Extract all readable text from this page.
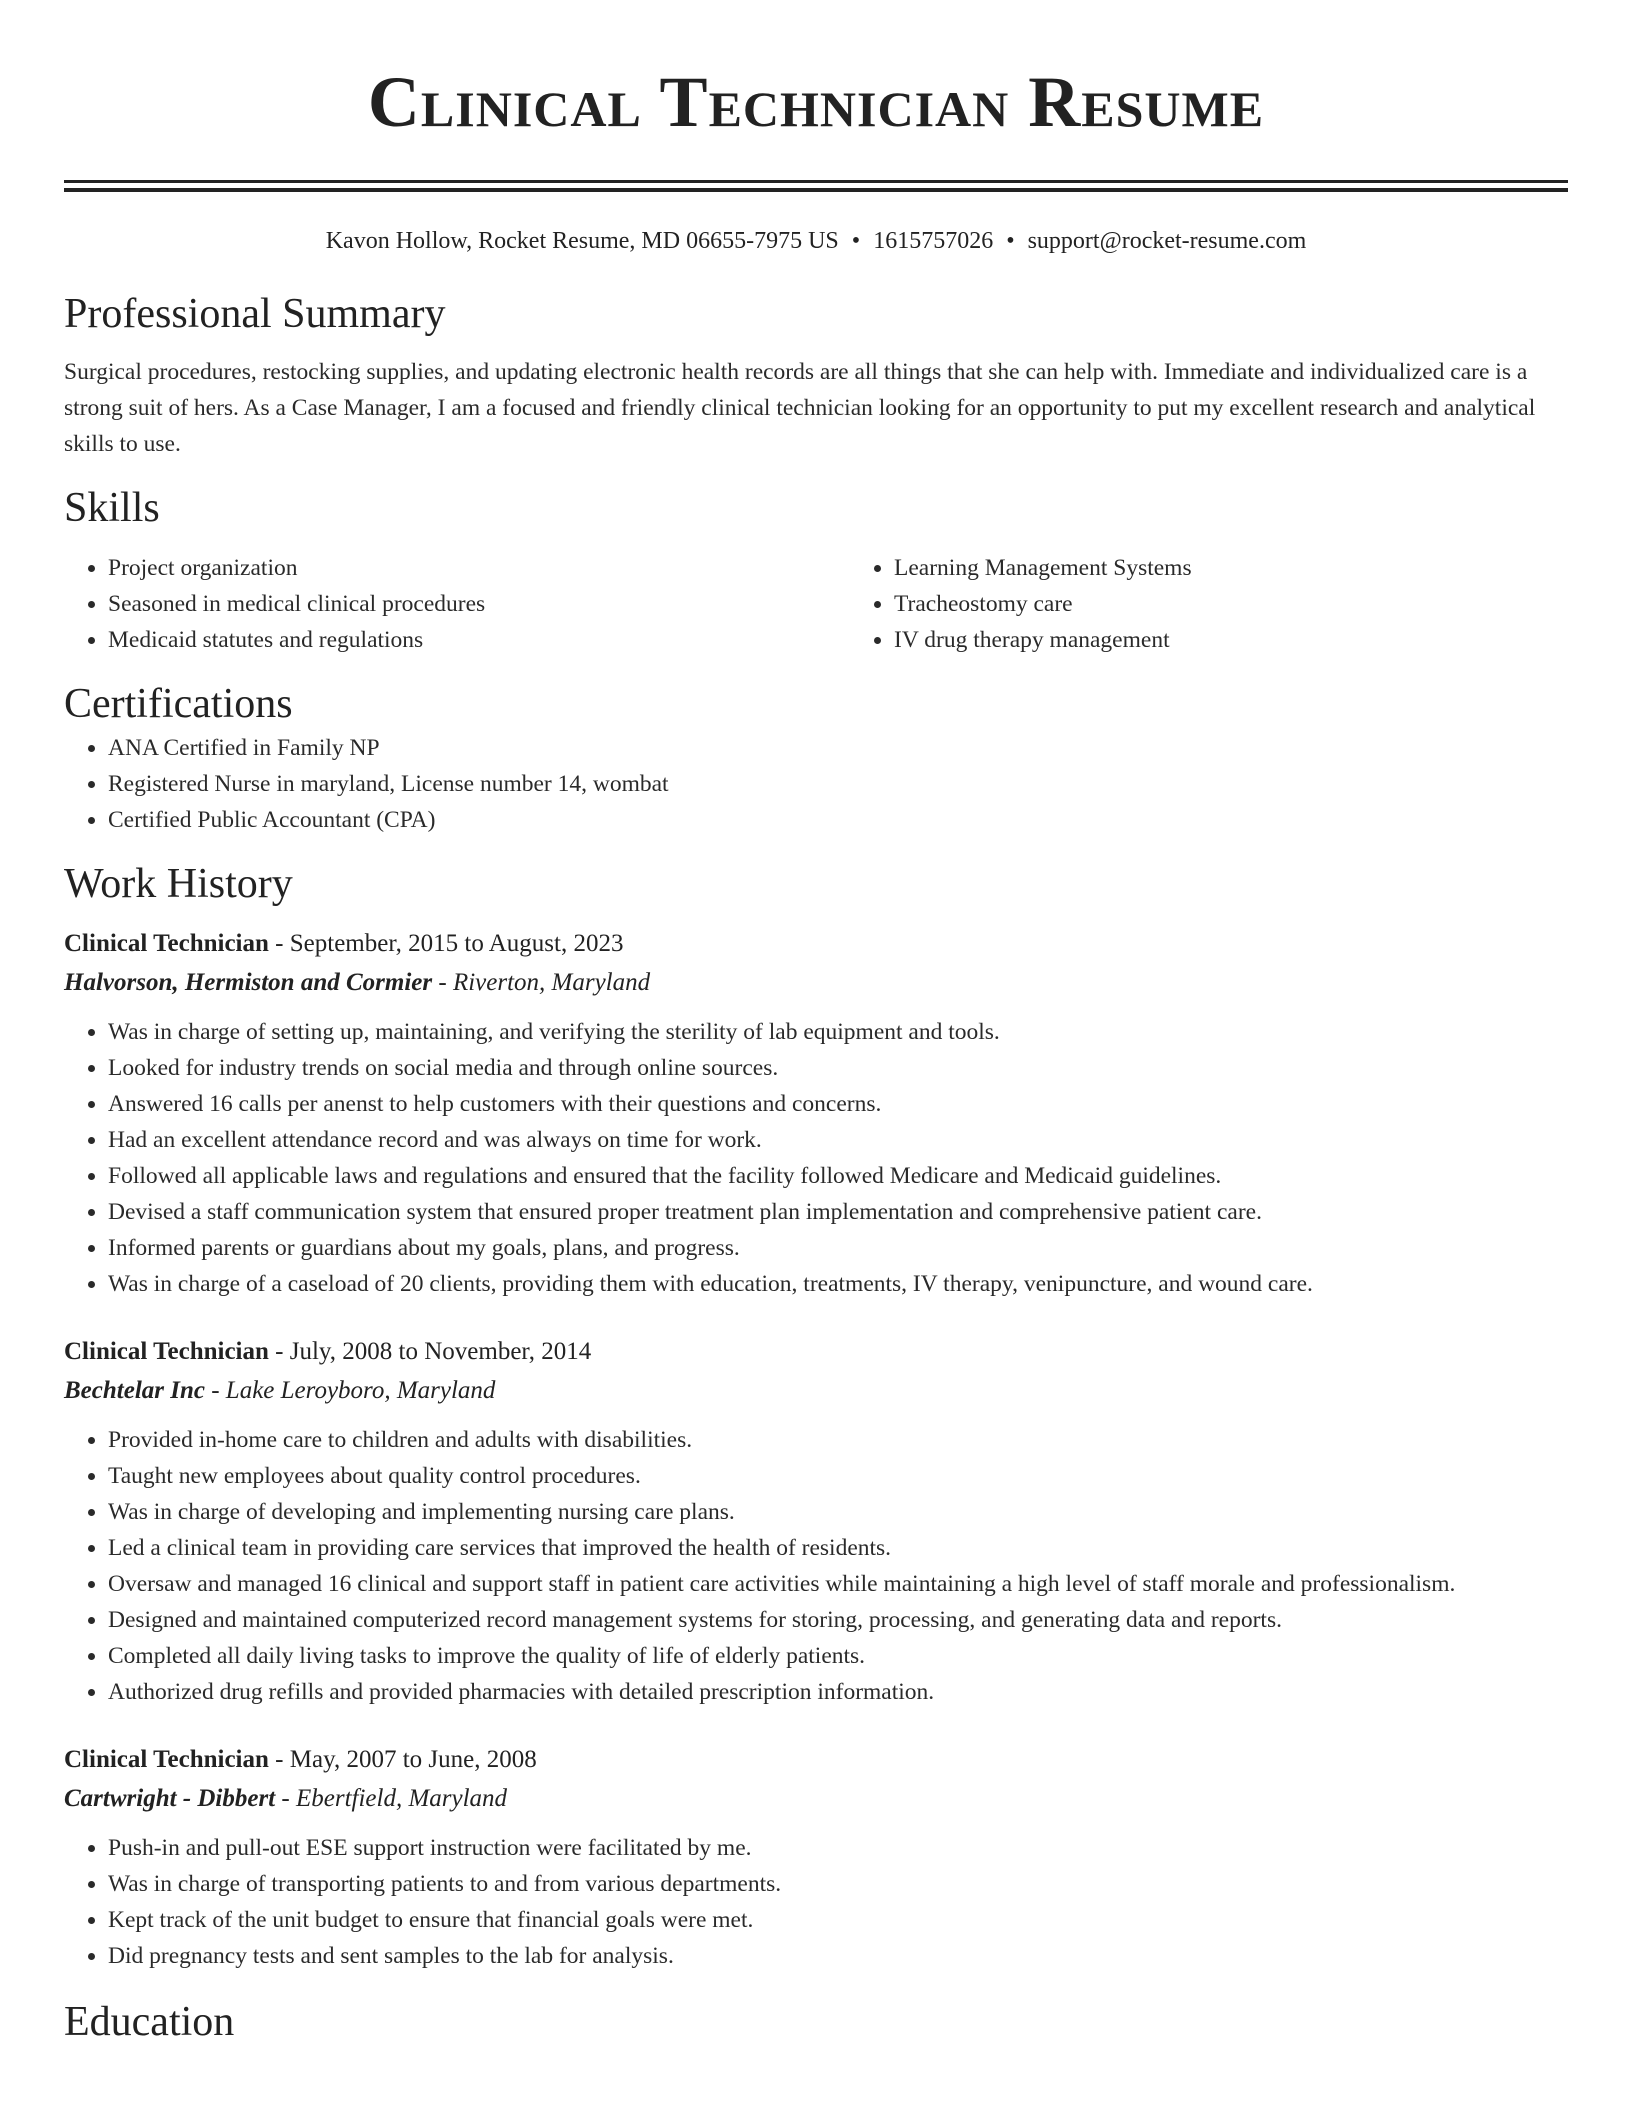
Clinical Technician Resume
Kavon Hollow, Rocket Resume, MD 06655-7975 US • 1615757026 • support@rocket-resume.com
Professional Summary

Surgical procedures, restocking supplies, and updating electronic health records are all things that she can help with. Immediate and individualized care is a strong suit of hers. As a Case Manager, I am a focused and friendly clinical technician looking for an opportunity to put my excellent research and analytical skills to use.

Skills
• Project organization
• Seasoned in medical clinical procedures
• Medicaid statutes and regulations
• Learning Management Systems
• Tracheostomy care
• IV drug therapy management
Certifications
• ANA Certified in Family NP
• Registered Nurse in maryland, License number 14, wombat
• Certified Public Accountant (CPA)
Work History
Clinical Technician - September, 2015 to August, 2023
Halvorson, Hermiston and Cormier - Riverton, Maryland
• Was in charge of setting up, maintaining, and verifying the sterility of lab equipment and tools.
• Looked for industry trends on social media and through online sources.
• Answered 16 calls per anenst to help customers with their questions and concerns.
• Had an excellent attendance record and was always on time for work.
• Followed all applicable laws and regulations and ensured that the facility followed Medicare and Medicaid guidelines.
• Devised a staff communication system that ensured proper treatment plan implementation and comprehensive patient care.
• Informed parents or guardians about my goals, plans, and progress.
• Was in charge of a caseload of 20 clients, providing them with education, treatments, IV therapy, venipuncture, and wound care.
Clinical Technician - July, 2008 to November, 2014
Bechtelar Inc - Lake Leroyboro, Maryland
• Provided in-home care to children and adults with disabilities.
• Taught new employees about quality control procedures.
• Was in charge of developing and implementing nursing care plans.
• Led a clinical team in providing care services that improved the health of residents.
• Oversaw and managed 16 clinical and support staff in patient care activities while maintaining a high level of staff morale and professionalism.
• Designed and maintained computerized record management systems for storing, processing, and generating data and reports.
• Completed all daily living tasks to improve the quality of life of elderly patients.
• Authorized drug refills and provided pharmacies with detailed prescription information.
Clinical Technician - May, 2007 to June, 2008
Cartwright - Dibbert - Ebertfield, Maryland
• Push-in and pull-out ESE support instruction were facilitated by me.
• Was in charge of transporting patients to and from various departments.
• Kept track of the unit budget to ensure that financial goals were met.
• Did pregnancy tests and sent samples to the lab for analysis.
Education
